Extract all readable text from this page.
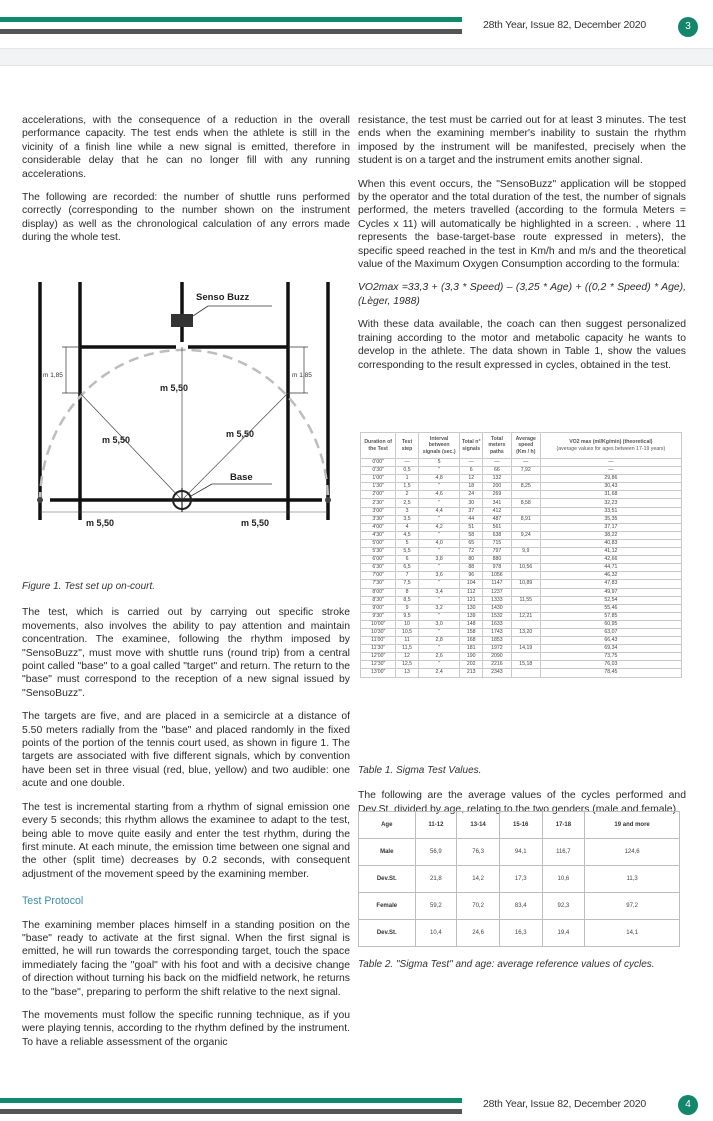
28th Year, Issue 82, December 2020	3

accelerations, with the consequence of a reduction in the overall performance capacity. The test ends when the athlete is still in the vicinity of a finish line while a new signal is emitted, therefore in considerable delay that he can no longer fill with any running accelerations.

The following are recorded: the number of shuttle runs performed correctly (corresponding to the number shown on the instrument display) as well as the chronological calculation of any errors made during the whole test.

Senso Buzz
Base
m 1,85	m 1,85
m 5,50
m 5,50
m 5,50
m 5,50	m 5,50

Figure 1. Test set up on-court.

The test, which is carried out by carrying out specific stroke movements, also involves the ability to pay attention and maintain concentration. The examinee, following the rhythm imposed by "SensoBuzz", must move with shuttle runs (round trip) from a central point called "base" to a goal called "target" and return. The return to the "base" must correspond to the reception of a new signal issued by "SensoBuzz".

The targets are five, and are placed in a semicircle at a distance of 5.50 meters radially from the "base" and placed randomly in the fixed points of the portion of the tennis court used, as shown in figure 1. The targets are associated with five different signals, which by convention have been set in three visual (red, blue, yellow) and two audible: one acute and one double.

The test is incremental starting from a rhythm of signal emission one every 5 seconds; this rhythm allows the examinee to adapt to the test, being able to move quite easily and enter the test rhythm, during the first minute. At each minute, the emission time between one signal and the other (split time) decreases by 0.2 seconds, with consequent adjustment of the movement speed by the examining member.

Test Protocol

The examining member places himself in a standing position on the "base" ready to activate at the first signal. When the first signal is emitted, he will run towards the corresponding target, touch the space immediately facing the "goal" with his foot and with a decisive change of direction without turning his back on the midfield network, he returns to the "base", preparing to perform the shift relative to the next signal.

The movements must follow the specific running technique, as if you were playing tennis, according to the rhythm defined by the instrument. To have a reliable assessment of the organic

resistance, the test must be carried out for at least 3 minutes. The test ends when the examining member's inability to sustain the rhythm imposed by the instrument will be manifested, precisely when the student is on a target and the instrument emits another signal.

When this event occurs, the "SensoBuzz" application will be stopped by the operator and the total duration of the test, the number of signals performed, the meters travelled (according to the formula Meters = Cycles x 11) will automatically be highlighted in a screen. , where 11 represents the base-target-base route expressed in meters), the specific speed reached in the test in Km/h and m/s and the theoretical value of the Maximum Oxygen Consumption according to the formula:

VO2max =33,3 + (3,3 * Speed) – (3,25 * Age) + ((0,2 * Speed) * Age), (Lèger, 1988)

With these data available, the coach can then suggest personalized training according to the motor and metabolic capacity he wants to develop in the athlete. The data shown in Table 1, show the values corresponding to the result expressed in cycles, obtained in the test.

Duration of the Test	Test step	Interval between signals (sec.)	Total n° signals	Total meters paths	Average speed (Km / h)	VO2 max (ml/Kg/min) (theoretical)
(average values for ages between 17-19 years)

0'00"	—	5	—	—	—	—
0'30"	0,5	"	6	66	7,92	—
1'00"	1	4,8	12	132		29,86
1'30"	1,5	"	18	200	8,25	30,43
2'00"	2	4,6	24	269		31,68
2'30"	2,5	"	30	341	8,58	32,23
3'00"	3	4,4	37	412		33,51
3'30"	3,5	"	44	487	8,91	35,35
4'00"	4	4,2	51	561		37,17
4'30"	4,5	"	58	638	9,24	38,22
5'00"	5	4,0	65	715		40,83
5'30"	5,5	"	72	797	9,9	41,12
6'00"	6	3,8	80	880		42,66
6'30"	6,5	"	88	978	10,56	44,71
7'00"	7	3,6	96	1056		46,32
7'30"	7,5	"	104	1147	10,89	47,83
8'00"	8	3,4	112	1237		49,97
8'30"	8,5	"	121	1333	11,55	52,54
9'00"	9	3,2	130	1430		55,46
9'30"	9,5	"	139	1532	12,21	57,85
10'00"	10	3,0	148	1633		60,95
10'30"	10,5	"	158	1743	13,20	63,07
11'00"	11	2,8	168	1853		66,43
11'30"	11,5	"	181	1972	14,19	69,34
12'00"	12	2,6	190	2090		73,75
12'30"	12,5	"	202	2216	15,18	76,03
13'00"	13	2,4	213	2343		78,45

Table 1. Sigma Test Values.

The following are the average values of the cycles performed and Dev.St. divided by age, relating to the two genders (male and female).

Age	11-12	13-14	15-16	17-18	19 and more
Male	56,9	76,3	94,1	116,7	124,6
Dev.St.	21,8	14,2	17,3	10,6	11,3
Female	59,2	70,2	83,4	92,3	97,2
Dev.St.	10,4	24,6	16,3	19,4	14,1

Table 2. "Sigma Test" and age: average reference values of cycles.

28th Year, Issue 82, December 2020	4
